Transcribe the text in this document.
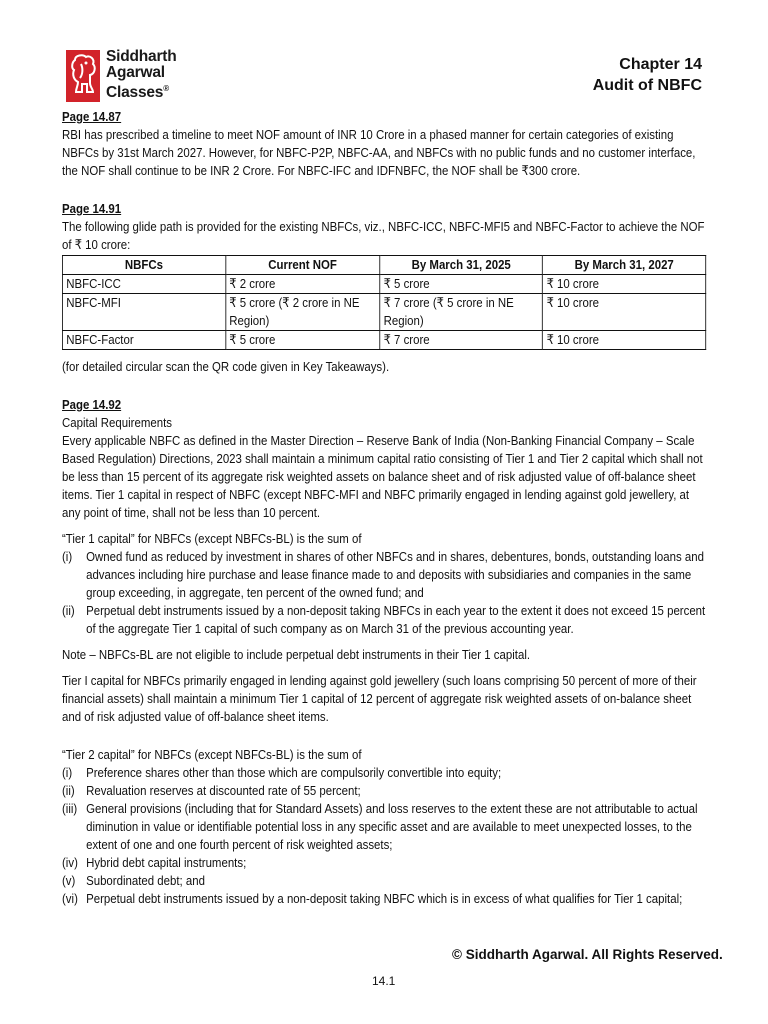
Siddharth
Agarwal
Classes®
Chapter 14
Audit of NBFC

Page 14.87

RBI has prescribed a timeline to meet NOF amount of INR 10 Crore in a phased manner for certain categories of existing NBFCs by 31st March 2027. However, for NBFC-P2P, NBFC-AA, and NBFCs with no public funds and no customer interface, the NOF shall continue to be INR 2 Crore. For NBFC-IFC and IDFNBFC, the NOF shall be ₹300 crore.

Page 14.91

The following glide path is provided for the existing NBFCs, viz., NBFC-ICC, NBFC-MFI5 and NBFC-Factor to achieve the NOF of ₹ 10 crore:

NBFCs	Current NOF	By March 31, 2025	By March 31, 2027
NBFC-ICC	₹ 2 crore	₹ 5 crore	₹ 10 crore
NBFC-MFI	₹ 5 crore (₹ 2 crore in NE Region)	₹ 7 crore (₹ 5 crore in NE Region)	₹ 10 crore
NBFC-Factor	₹ 5 crore	₹ 7 crore	₹ 10 crore

(for detailed circular scan the QR code given in Key Takeaways).

Page 14.92

Capital Requirements

Every applicable NBFC as defined in the Master Direction – Reserve Bank of India (Non-Banking Financial Company – Scale Based Regulation) Directions, 2023 shall maintain a minimum capital ratio consisting of Tier 1 and Tier 2 capital which shall not be less than 15 percent of its aggregate risk weighted assets on balance sheet and of risk adjusted value of off-balance sheet items. Tier 1 capital in respect of NBFC (except NBFC-MFI and NBFC primarily engaged in lending against gold jewellery, at any point of time, shall not be less than 10 percent.

“Tier 1 capital” for NBFCs (except NBFCs-BL) is the sum of

(i) Owned fund as reduced by investment in shares of other NBFCs and in shares, debentures, bonds, outstanding loans and advances including hire purchase and lease finance made to and deposits with subsidiaries and companies in the same group exceeding, in aggregate, ten percent of the owned fund; and
(ii) Perpetual debt instruments issued by a non-deposit taking NBFCs in each year to the extent it does not exceed 15 percent of the aggregate Tier 1 capital of such company as on March 31 of the previous accounting year.

Note – NBFCs-BL are not eligible to include perpetual debt instruments in their Tier 1 capital.

Tier I capital for NBFCs primarily engaged in lending against gold jewellery (such loans comprising 50 percent of more of their financial assets) shall maintain a minimum Tier 1 capital of 12 percent of aggregate risk weighted assets of on-balance sheet and of risk adjusted value of off-balance sheet items.

“Tier 2 capital” for NBFCs (except NBFCs-BL) is the sum of

(i) Preference shares other than those which are compulsorily convertible into equity;
(ii) Revaluation reserves at discounted rate of 55 percent;
(iii) General provisions (including that for Standard Assets) and loss reserves to the extent these are not attributable to actual diminution in value or identifiable potential loss in any specific asset and are available to meet unexpected losses, to the extent of one and one fourth percent of risk weighted assets;
(iv) Hybrid debt capital instruments;
(v) Subordinated debt; and
(vi) Perpetual debt instruments issued by a non-deposit taking NBFC which is in excess of what qualifies for Tier 1 capital;
© Siddharth Agarwal. All Rights Reserved.
14.1
